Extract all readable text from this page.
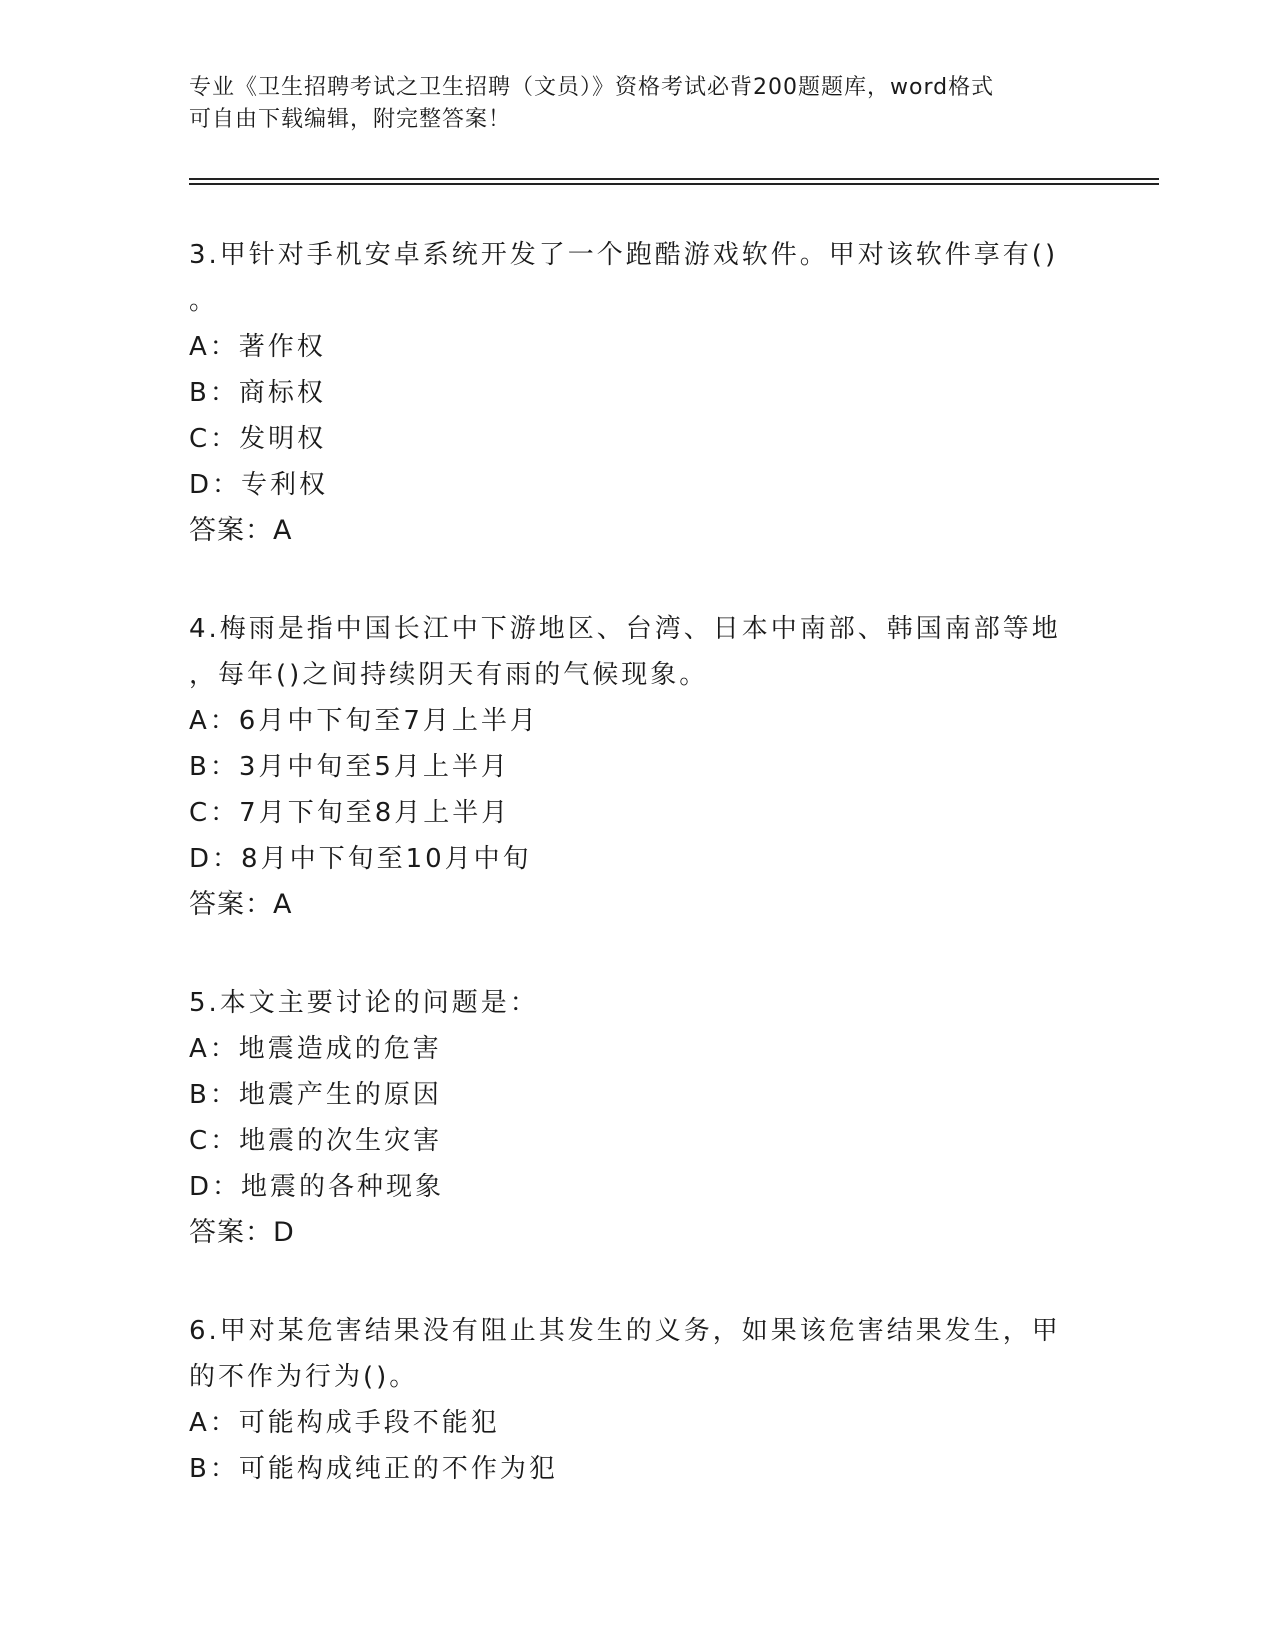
专业《卫生招聘考试之卫生招聘（文员）》资格考试必背200题题库，word格式
可自由下载编辑，附完整答案！
3.甲针对手机安卓系统开发了一个跑酷游戏软件。甲对该软件享有()
。
A：著作权
B：商标权
C：发明权
D：专利权
答案：A
4.梅雨是指中国长江中下游地区、台湾、日本中南部、韩国南部等地
，每年()之间持续阴天有雨的气候现象。
A：6月中下旬至7月上半月
B：3月中旬至5月上半月
C：7月下旬至8月上半月
D：8月中下旬至10月中旬
答案：A
5.本文主要讨论的问题是：
A：地震造成的危害
B：地震产生的原因
C：地震的次生灾害
D：地震的各种现象
答案：D
6.甲对某危害结果没有阻止其发生的义务，如果该危害结果发生，甲
的不作为行为()。
A：可能构成手段不能犯
B：可能构成纯正的不作为犯
